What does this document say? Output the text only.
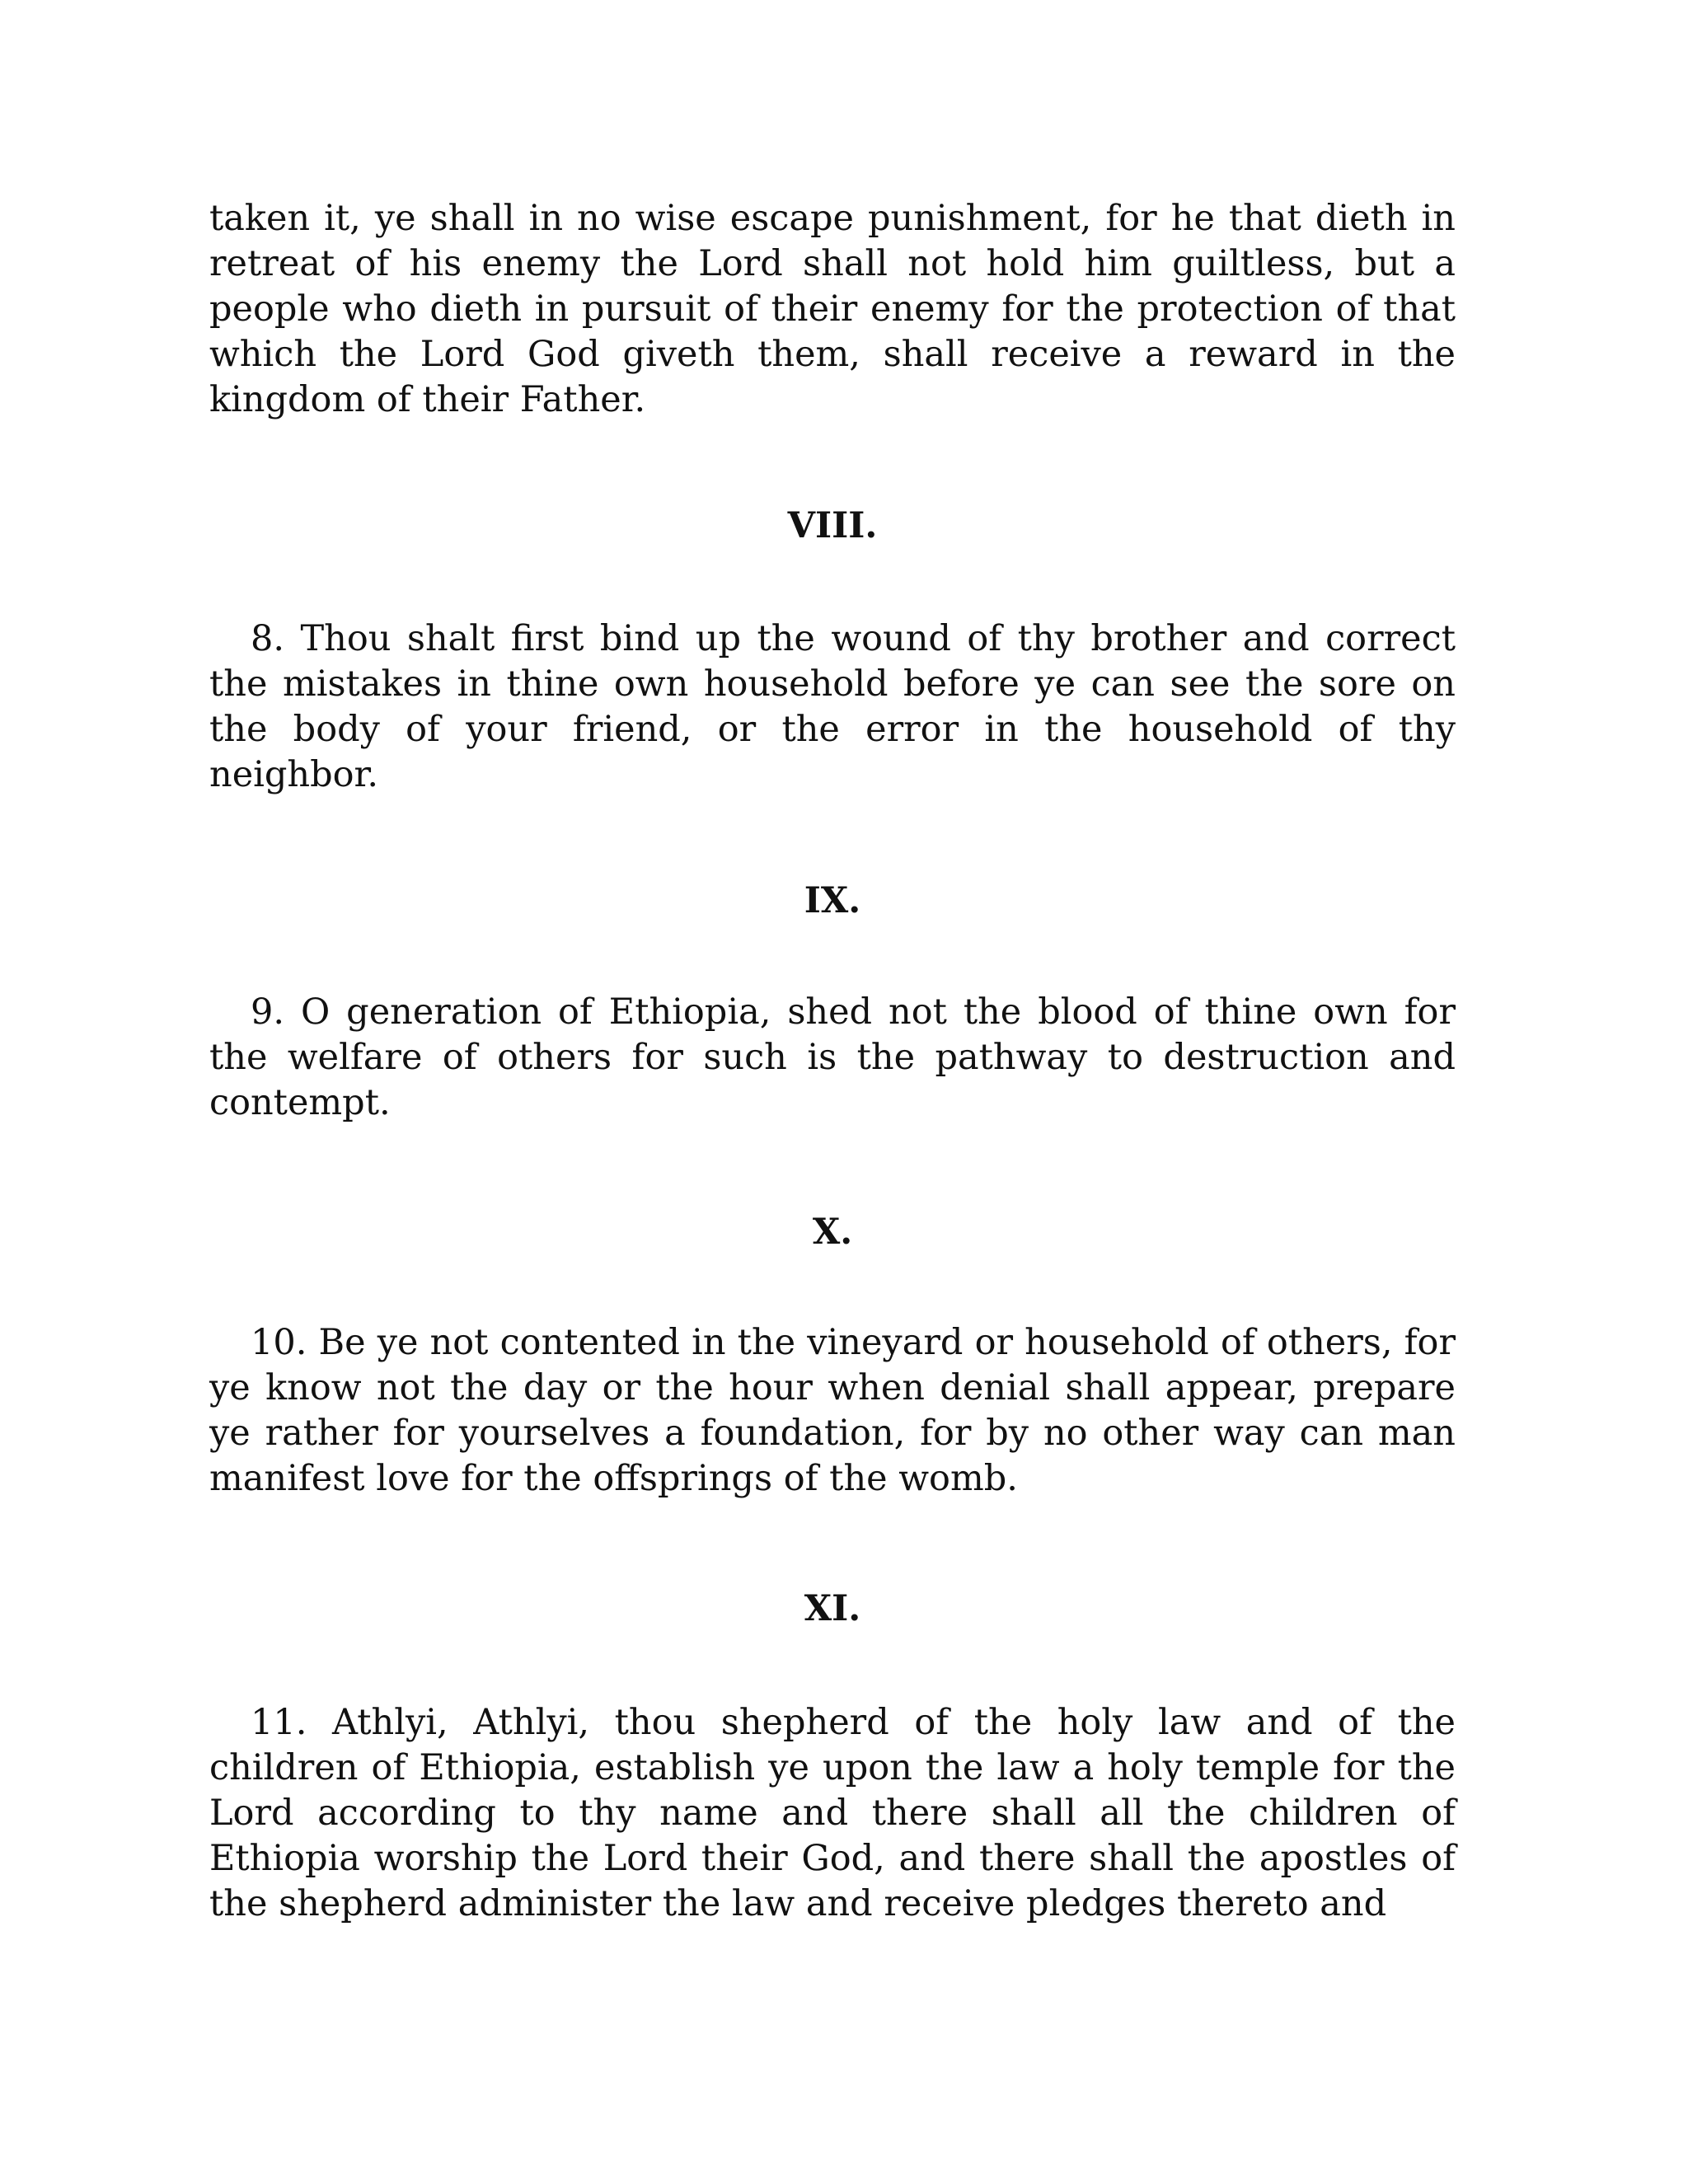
taken it, ye shall in no wise escape punishment, for he that dieth in retreat of his enemy the Lord shall not hold him guiltless, but a people who dieth in pursuit of their enemy for the protection of that which the Lord God giveth them, shall receive a reward in the kingdom of their Father.

VIII.

8. Thou shalt first bind up the wound of thy brother and correct the mistakes in thine own household before ye can see the sore on the body of your friend, or the error in the household of thy neighbor.

IX.

9. O generation of Ethiopia, shed not the blood of thine own for the welfare of others for such is the pathway to destruction and contempt.

X.

10. Be ye not contented in the vineyard or household of others, for ye know not the day or the hour when denial shall appear, prepare ye rather for yourselves a foundation, for by no other way can man manifest love for the offsprings of the womb.

XI.

11. Athlyi, Athlyi, thou shepherd of the holy law and of the children of Ethiopia, establish ye upon the law a holy temple for the Lord according to thy name and there shall all the children of Ethiopia worship the Lord their God, and there shall the apostles of the shepherd administer the law and receive pledges thereto and
